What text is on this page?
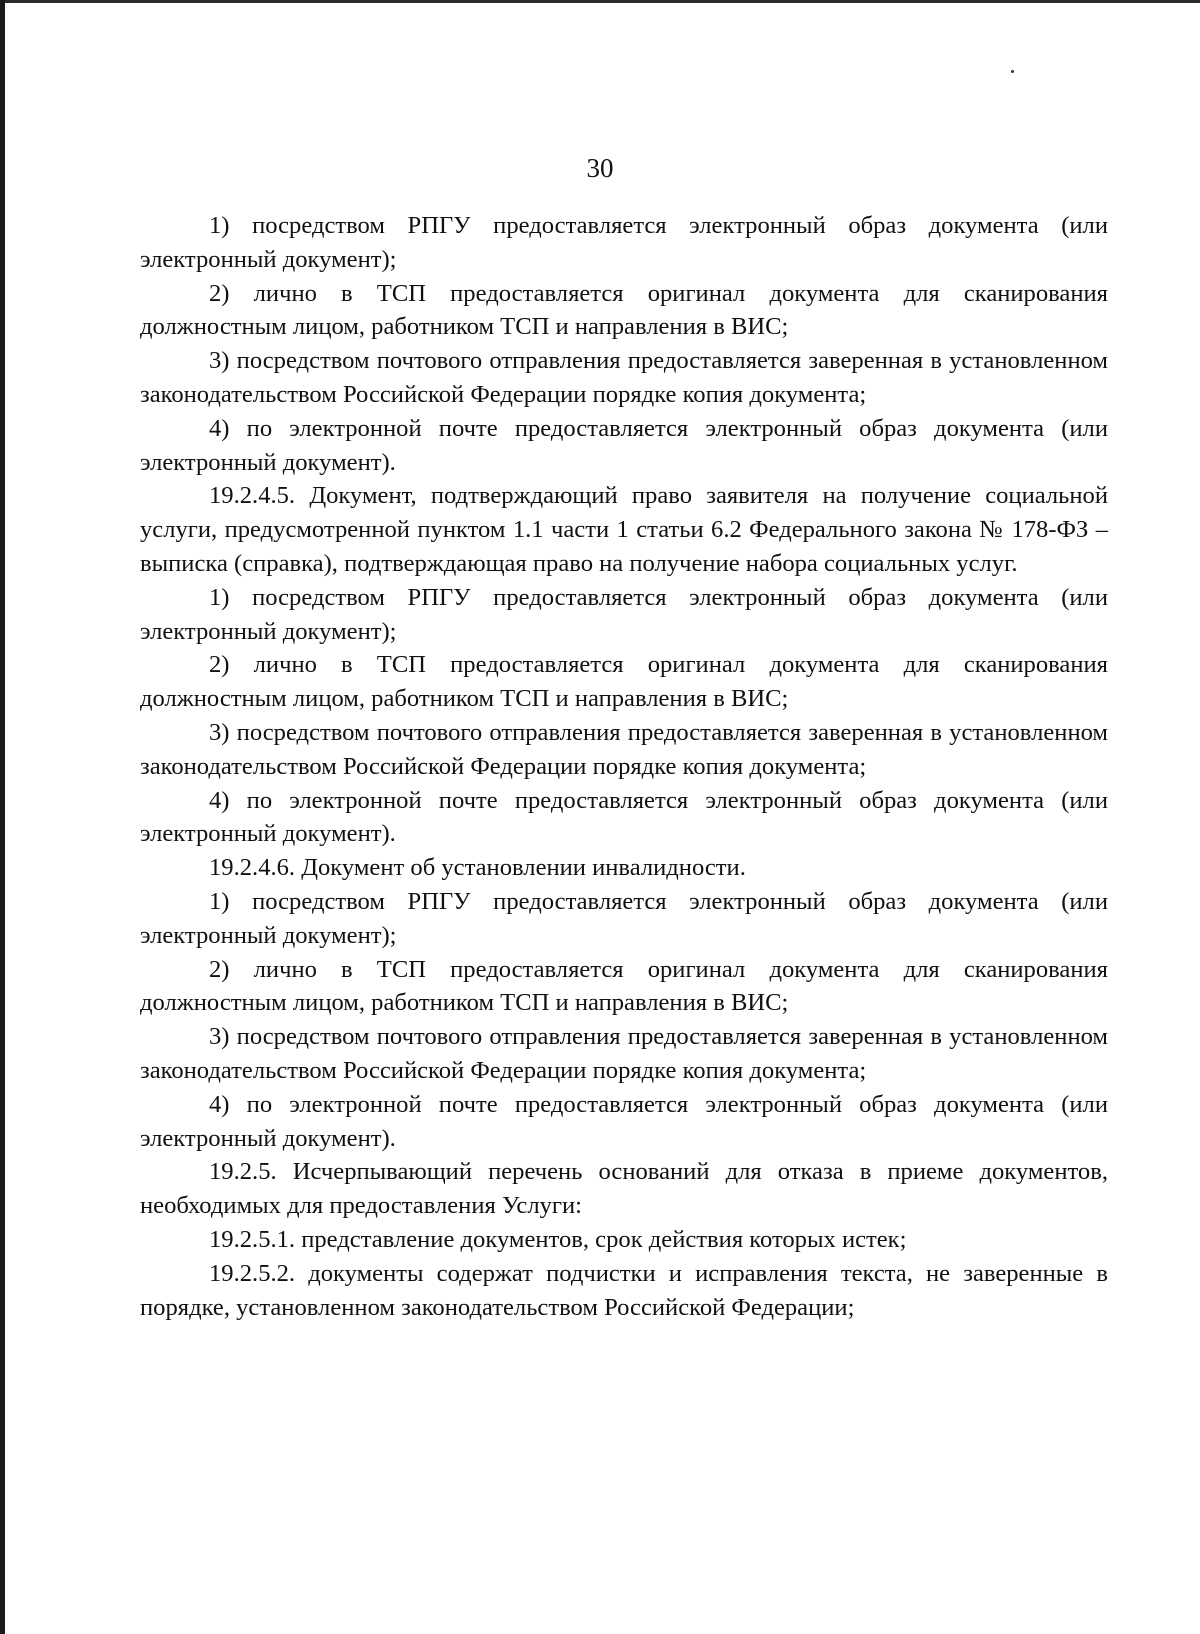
30

1) посредством РПГУ предоставляется электронный образ документа (или электронный документ);

2) лично в ТСП предоставляется оригинал документа для сканирования должностным лицом, работником ТСП и направления в ВИС;

3) посредством почтового отправления предоставляется заверенная в установленном законодательством Российской Федерации порядке копия документа;

4) по электронной почте предоставляется электронный образ документа (или электронный документ).

19.2.4.5. Документ, подтверждающий право заявителя на получение социальной услуги, предусмотренной пунктом 1.1 части 1 статьи 6.2 Федерального закона № 178-ФЗ – выписка (справка), подтверждающая право на получение набора социальных услуг.

1) посредством РПГУ предоставляется электронный образ документа (или электронный документ);

2) лично в ТСП предоставляется оригинал документа для сканирования должностным лицом, работником ТСП и направления в ВИС;

3) посредством почтового отправления предоставляется заверенная в установленном законодательством Российской Федерации порядке копия документа;

4) по электронной почте предоставляется электронный образ документа (или электронный документ).

19.2.4.6. Документ об установлении инвалидности.

1) посредством РПГУ предоставляется электронный образ документа (или электронный документ);

2) лично в ТСП предоставляется оригинал документа для сканирования должностным лицом, работником ТСП и направления в ВИС;

3) посредством почтового отправления предоставляется заверенная в установленном законодательством Российской Федерации порядке копия документа;

4) по электронной почте предоставляется электронный образ документа (или электронный документ).

19.2.5. Исчерпывающий перечень оснований для отказа в приеме документов, необходимых для предоставления Услуги:

19.2.5.1. представление документов, срок действия которых истек;

19.2.5.2. документы содержат подчистки и исправления текста, не заверенные в порядке, установленном законодательством Российской Федерации;
